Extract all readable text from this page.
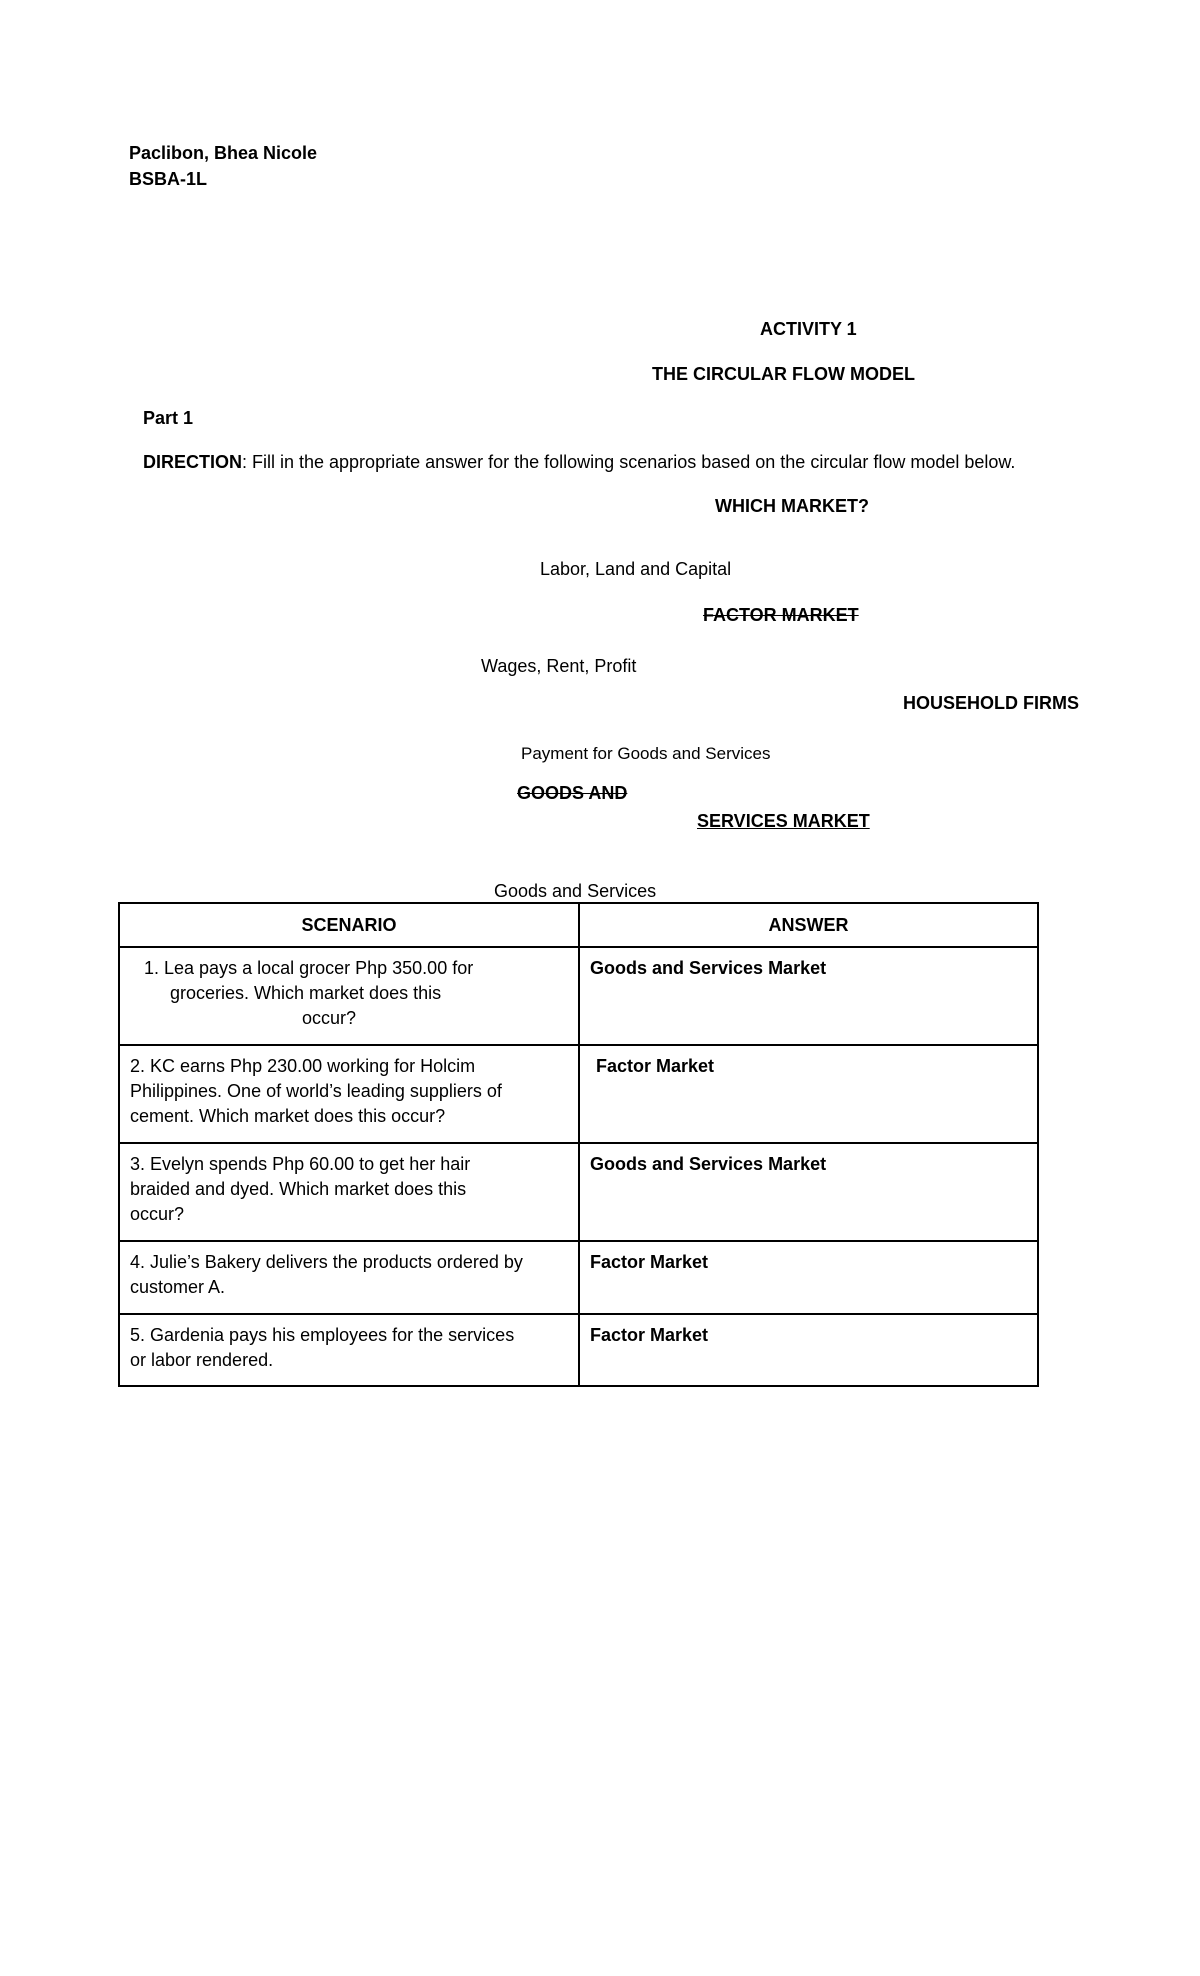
Paclibon, Bhea Nicole
BSBA-1L
ACTIVITY 1
THE CIRCULAR FLOW MODEL
Part 1
DIRECTION: Fill in the appropriate answer for the following scenarios based on the circular flow model below.
WHICH MARKET?
Labor, Land and Capital
FACTOR MARKET
Wages, Rent, Profit
HOUSEHOLD FIRMS
Payment for Goods and Services
GOODS AND
SERVICES MARKET
Goods and Services
SCENARIO	ANSWER

1. Lea pays a local grocer Php 350.00 for
groceries. Which market does this
occur?	Goods and Services Market

2. KC earns Php 230.00 working for Holcim
Philippines. One of world’s leading suppliers of
cement. Which market does this occur?	Factor Market

3. Evelyn spends Php 60.00 to get her hair
braided and dyed. Which market does this
occur?	Goods and Services Market

4. Julie’s Bakery delivers the products ordered by
customer A.	Factor Market

5. Gardenia pays his employees for the services
or labor rendered.	Factor Market
